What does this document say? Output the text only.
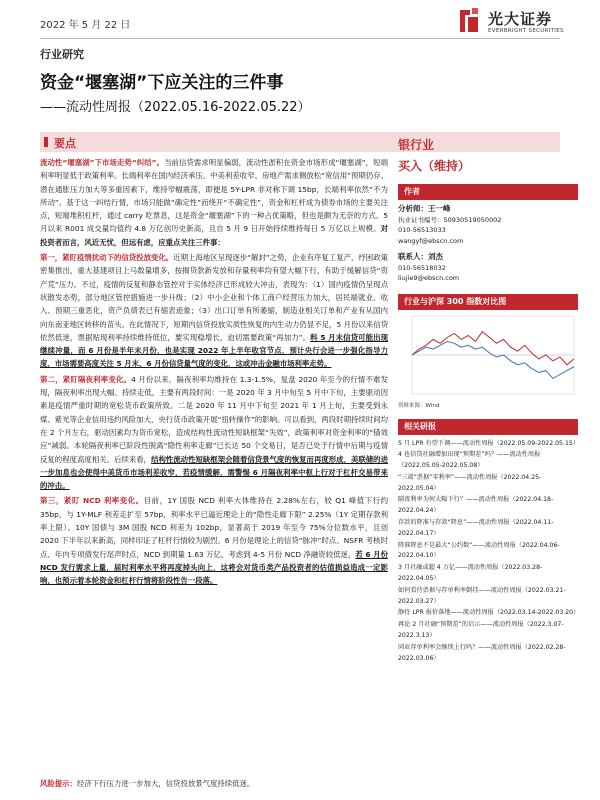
2022 年 5 月 22 日	光大证券
EVERBRIGHT SECURITIES
行业研究
资金“堰塞湖”下应关注的三件事
——流动性周报（2022.05.16-2022.05.22）
要点

流动性“堰塞湖”下市场走势“纠结”。当前信贷需求明显偏弱，流动性淤积在资金市场形成“堰塞湖”，短端利率明显低于政策利率。长端利率在国内经济承压、中美利差收窄、房地产需求侧放松“宽信用”预期仍存、潜在通胀压力加大等多重因素下，维持窄幅震荡，即便是 5Y-LPR 非对称下调 15bp，长端利率依然“不为所动”。基于这一纠结行情，市场只能做“确定性”而绕开“不确定性”，资金和杠杆成为债券市场的主要关注点，短端堆积杠杆，通过 carry 吃票息，这是资金“堰塞湖”下的一种占优策略，但也是颇为无奈的方式。5 月以来 R001 成交量均值约 4.8 万亿创历史新高，且自 5 月 9 日开始持续维持每日 5 万亿以上规模。对投资者而言，风近无忧，但远有虑，应重点关注三件事：

第一，紧盯疫情扰动下的信贷投放变化。近期上海地区呈现逐步“解封”之势，企业有序复工复产，纾困政策密集推出，重大基建项目上马数量增多，按揭贷款新发放和存量利率均有望大幅下行，有助于缓解信贷“资产荒”压力。不过，疫情的反复和静态管控对于实体经济已形成较大冲击，表现为：（1）国内疫情仍呈现点状散发态势，部分地区管控措施进一步升级；（2）中小企业和个体工商户经营压力加大，居民端就业、收入、预期三重恶化，资产负债表已有缩表迹象；（3）出口订单有所萎缩，制造业相关订单和产业有从国内向东南亚地区转移的苗头。在此情况下，短期内信贷投放实质性恢复的内生动力仍显不足，5 月份以来信贷依然低迷，票据贴现利率持续维持低位，要实现稳增长，迫切需要政策“再加力”。料 5 月末信贷可能出现继续冲量，而 6 月份是半年末月份，也是实现 2022 年上半年收官节点，预计央行会进一步强化指导力度，市场需要高度关注 5 月末、6 月份信贷量气度的变化，这或冲击金融市场利率走势。

第二，紧盯隔夜利率变化。4 月份以来，隔夜利率均维持在 1.3-1.5%，复盘 2020 年至今的行情不难发现，隔夜利率出现大幅、持续走低，主要有两段时间：一是 2020 年 3 月中旬至 5 月中下旬，主要驱动因素是疫情严重时期的宽松货币政策所致。二是 2020 年 11 月中下旬至 2021 年 1 月上旬，主要受到永煤、紫光等企业信用违约风险加大，央行货币政策开展“扭转操作”的影响。可以看到，两段时期持续时间均在 2 个月左右，驱动因素均为货币宽松，造成结构性流动性短缺框架“失效”，政策利率对资金利率的“锚效应”减弱。本轮隔夜利率已阶段性脱离“隐性利率走廊”已长达 50 个交易日，是否已处于行情中后期与疫情反复的程度高度相关。后续来看，结构性流动性短缺框架会随着信贷景气度的恢复而再度形成，美联储的进一步加息也会使得中美货币市场利差收窄，若疫情缓解，需警惕 6 月隔夜利率中枢上行对于杠杆交易带来的冲击。

第三，紧盯 NCD 利率变化。目前，1Y 国股 NCD 利率大体维持在 2.28%左右，较 Q1 峰值下行约 35bp，与 1Y-MLF 利差走扩至 57bp，利率水平已逼近理论上的“隐性走廊下限” 2.25%（1Y 定期存款利率上限）。10Y 国债与 3M 国股 NCD 利差为 102bp，显著高于 2019 年至今 75%分位数水平，且创 2020 下半年以来新高，同样印证了杠杆行情较为剧烈。6 月份是理论上的信贷“脉冲”时点、NSFR 考核时点、年内专项债发行尾声时点，NCD 到期量 1.63 万亿，考虑到 4-5 月份 NCD 净融资较低迷，若 6 月份 NCD 发行需求上量，届时利率水平将再度掉头向上，这将会对货币类产品投资者的估值损益造成一定影响，也预示着本轮资金和杠杆行情将阶段性告一段落。

风险提示：经济下行压力进一步加大，信贷投放景气度持续低迷。
银行业
买入（维持）
作者
分析师：王一峰
执业证书编号：S0930519050002
010-56513033
wangyf@ebscn.com
联系人：刘杰
010-56518032
liujie9@ebscn.com
行业与沪深 300 指数对比图
资料来源：Wind
相关研报
5 月 LPR 有望下调——流动性周报（2022.05.09-2022.05.15）
4 也信贷社融增加出现“预期差”吗？——流动性周报（2022.05.05-2022.05.08）
“三端”票据“零利率”——流动性周报（2022.04.25-2022.05.04）
隔夜利率为何大幅下行？——流动性周报（2022.04.18-2022.04.24）
存款的降准与存款“降息”——流动性周报（2022.04.11-2022.04.17）
降准降息不是最大“公约数”——流动性周报（2022.04.06-2022.04.10）
3 月社融或超 4 万亿——流动性周报（2022.03.28-2022.04.05）
如何看待票据与存单利率倒挂——流动性周报（2022.03.21-2022.03.27）
静待 LPR 报价落地——流动性周报（2022.03.14-2022.03.20）
再论 2 月社融“预期差”的启示——流动性周报（2022.3.07-2022.3.13）
同业存单利率会继续上行吗？——流动性周报（2022.02.28-2022.03.06）
